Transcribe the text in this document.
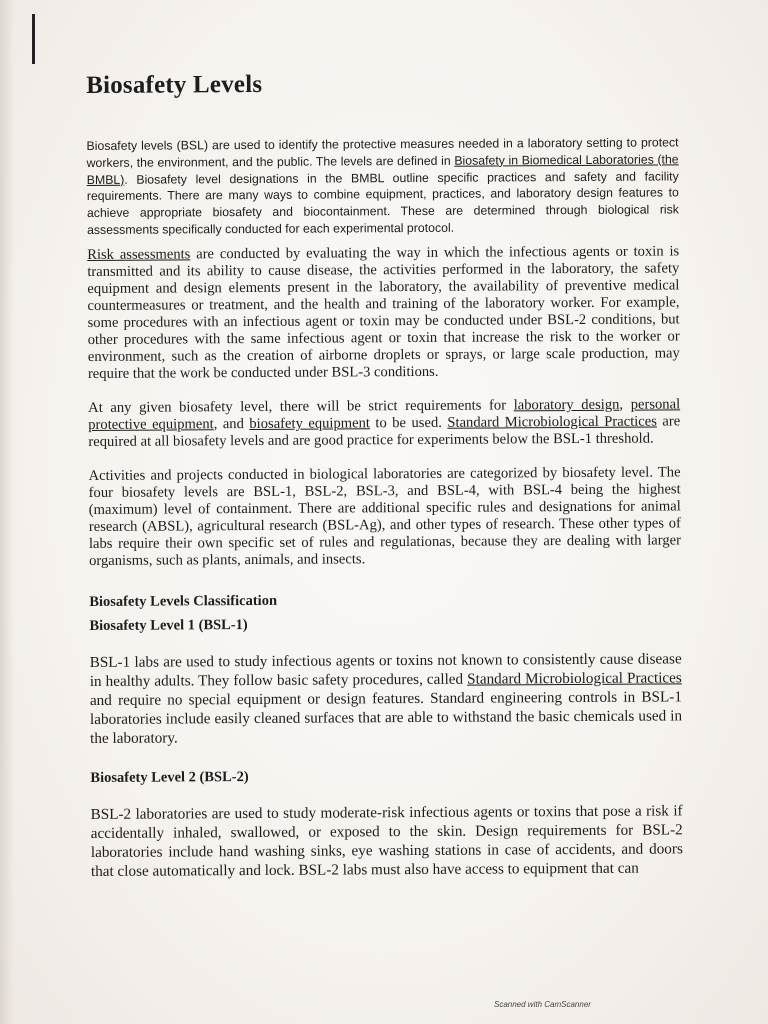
Biosafety Levels

Biosafety levels (BSL) are used to identify the protective measures needed in a laboratory setting to protect workers, the environment, and the public. The levels are defined in Biosafety in Biomedical Laboratories (the BMBL). Biosafety level designations in the BMBL outline specific practices and safety and facility requirements. There are many ways to combine equipment, practices, and laboratory design features to achieve appropriate biosafety and biocontainment. These are determined through biological risk assessments specifically conducted for each experimental protocol.

Risk assessments are conducted by evaluating the way in which the infectious agents or toxin is transmitted and its ability to cause disease, the activities performed in the laboratory, the safety equipment and design elements present in the laboratory, the availability of preventive medical countermeasures or treatment, and the health and training of the laboratory worker. For example, some procedures with an infectious agent or toxin may be conducted under BSL-2 conditions, but other procedures with the same infectious agent or toxin that increase the risk to the worker or environment, such as the creation of airborne droplets or sprays, or large scale production, may require that the work be conducted under BSL-3 conditions.

At any given biosafety level, there will be strict requirements for laboratory design, personal protective equipment, and biosafety equipment to be used. Standard Microbiological Practices are required at all biosafety levels and are good practice for experiments below the BSL-1 threshold.

Activities and projects conducted in biological laboratories are categorized by biosafety level. The four biosafety levels are BSL-1, BSL-2, BSL-3, and BSL-4, with BSL-4 being the highest (maximum) level of containment. There are additional specific rules and designations for animal research (ABSL), agricultural research (BSL-Ag), and other types of research. These other types of labs require their own specific set of rules and regulationas, because they are dealing with larger organisms, such as plants, animals, and insects.

Biosafety Levels Classification
Biosafety Level 1 (BSL-1)

BSL-1 labs are used to study infectious agents or toxins not known to consistently cause disease in healthy adults. They follow basic safety procedures, called Standard Microbiological Practices and require no special equipment or design features. Standard engineering controls in BSL-1 laboratories include easily cleaned surfaces that are able to withstand the basic chemicals used in the laboratory.

Biosafety Level 2 (BSL-2)

BSL-2 laboratories are used to study moderate-risk infectious agents or toxins that pose a risk if accidentally inhaled, swallowed, or exposed to the skin. Design requirements for BSL-2 laboratories include hand washing sinks, eye washing stations in case of accidents, and doors that close automatically and lock. BSL-2 labs must also have access to equipment that can

Scanned with CamScanner
